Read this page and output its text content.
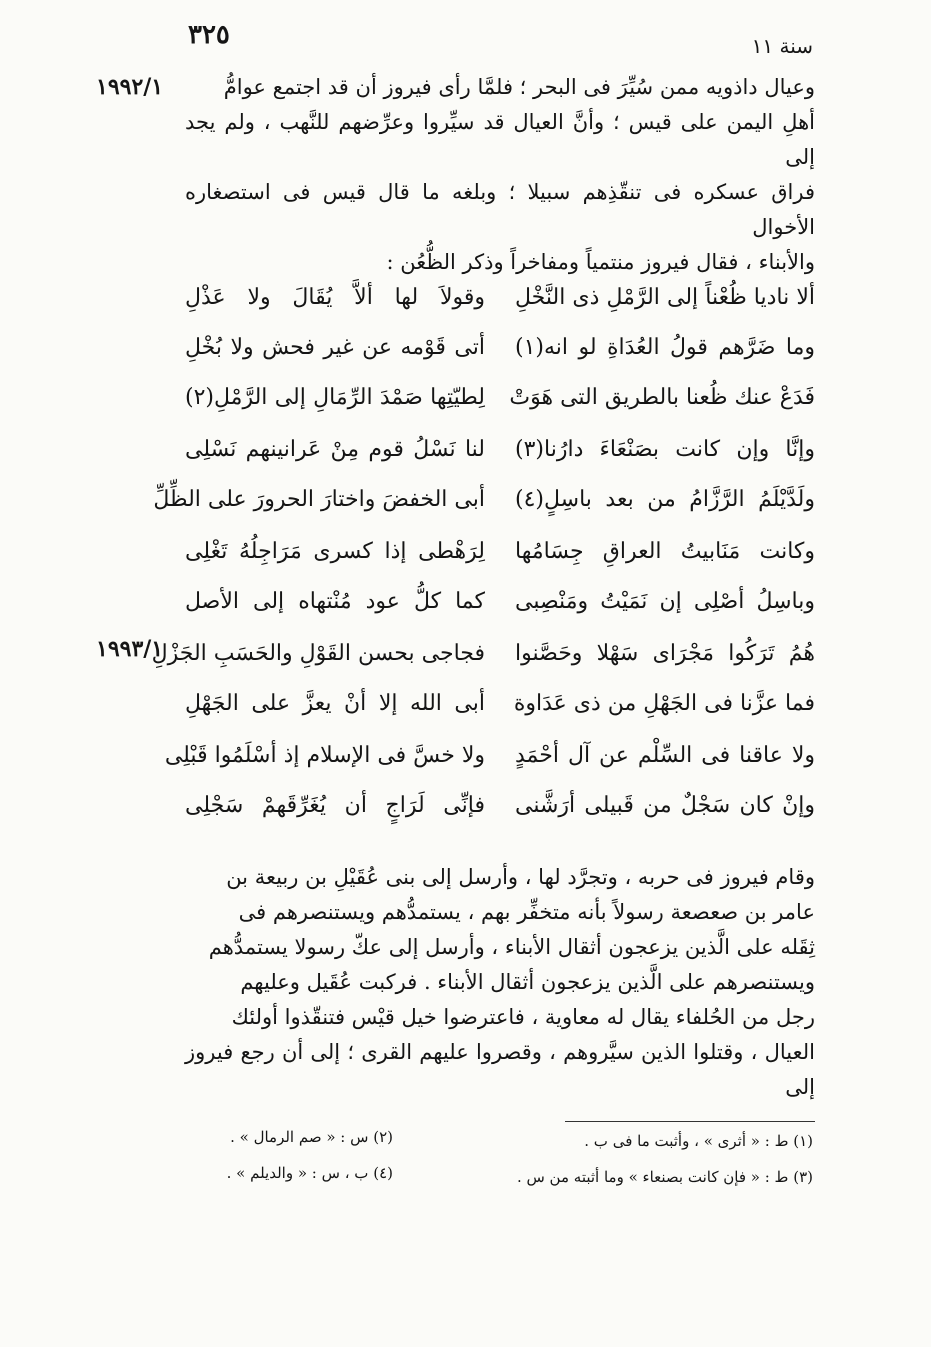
٣٢٥	سنة ١١
١٩٩٢/١
١٩٩٣/١

وعيال داذويه ممن سُيِّرَ فى البحر ؛ فلمَّا رأى فيروز أن قد اجتمع عوامُّ

أهلِ اليمن على قيس ؛ وأنَّ العيال قد سيِّروا وعرِّضهم للنَّهب ، ولم يجد إلى

فراق عسكره فى تنقّذِهم سبيلا ؛ وبلغه ما قال قيس فى استصغاره الأخوال

والأبناء ، فقال فيروز منتمياً ومفاخراً وذكر الظُّعُن :

ألا ناديا ظُعْناً إلى الرَّمْلِ ذى النَّخْلِ
وقولاَ لها ألاَّ يُقَالَ ولا عَذْلِ
وما ضَرَّهم قولُ العُدَاةِ لو انه(١)
أتى قَوْمه عن غير فحش ولا بُخْلِ
فَدَعْ عنك ظُعنا بالطريق التى هَوَتْ
لِطيّتِها صَمْدَ الرِّمَالِ إلى الرَّمْلِ(٢)
وإنَّا وإن كانت بصَنْعَاءَ دارُنا(٣)
لنا نَسْلُ قوم مِنْ عَرانينهم نَسْلِى
ولَدَّيْلَمُ الرَّزَّامُ من بعد باسِلٍ(٤)
أبى الخفضَ واختارَ الحرورَ على الظِّلِّ
وكانت مَنَابيتُ العراقِ جِسَامُها
لِرَهْطى إذا كسرى مَرَاجِلُهُ تَغْلِى
وباسِلُ أصْلِى إن نَمَيْتُ ومَنْصِبى
كما كلُّ عود مُنْتهاه إلى الأصل
هُمُ تَرَكُوا مَجْرَاى سَهْلا وحَصَّنوا
فجاجى بحسن القَوْلِ والحَسَبِ الجَزْلِ
فما عزَّنا فى الجَهْلِ من ذى عَدَاوة
أبى الله إلا أنْ يعزَّ على الجَهْلِ
ولا عاقنا فى السِّلْم عن آل أحْمَدٍ
ولا خسَّ فى الإسلام إذ أسْلَمُوا قَبْلِى
وإنْ كان سَجْلٌ من قَبيلى أرَشَّنى
فإنِّى لَرَاجٍ أن يُغَرِّقَهمْ سَجْلِى

وقام فيروز فى حربه ، وتجرَّد لها ، وأرسل إلى بنى عُقَيْلِ بن ربيعة بن

عامر بن صعصعة رسولاً بأنه متخفِّر بهم ، يستمدُّهم ويستنصرهم فى

ثِقَله على الَّذين يزعجون أثقال الأبناء ، وأرسل إلى عكّ رسولا يستمدُّهم

ويستنصرهم على الَّذين يزعجون أثقال الأبناء . فركبت عُقَيل وعليهم

رجل من الحُلفاء يقال له معاوية ، فاعترضوا خيل قيْس فتنقّذوا أولئك

العيال ، وقتلوا الذين سيَّروهم ، وقصروا عليهم القرى ؛ إلى أن رجع فيروز إلى

(١) ط : « أثرى » ، وأثبت ما فى ب .
(٢) س : « صم الرمال » .
(٣) ط : « فإن كانت بصنعاء » وما أثبته من س .
(٤) ب ، س : « والديلم » .
